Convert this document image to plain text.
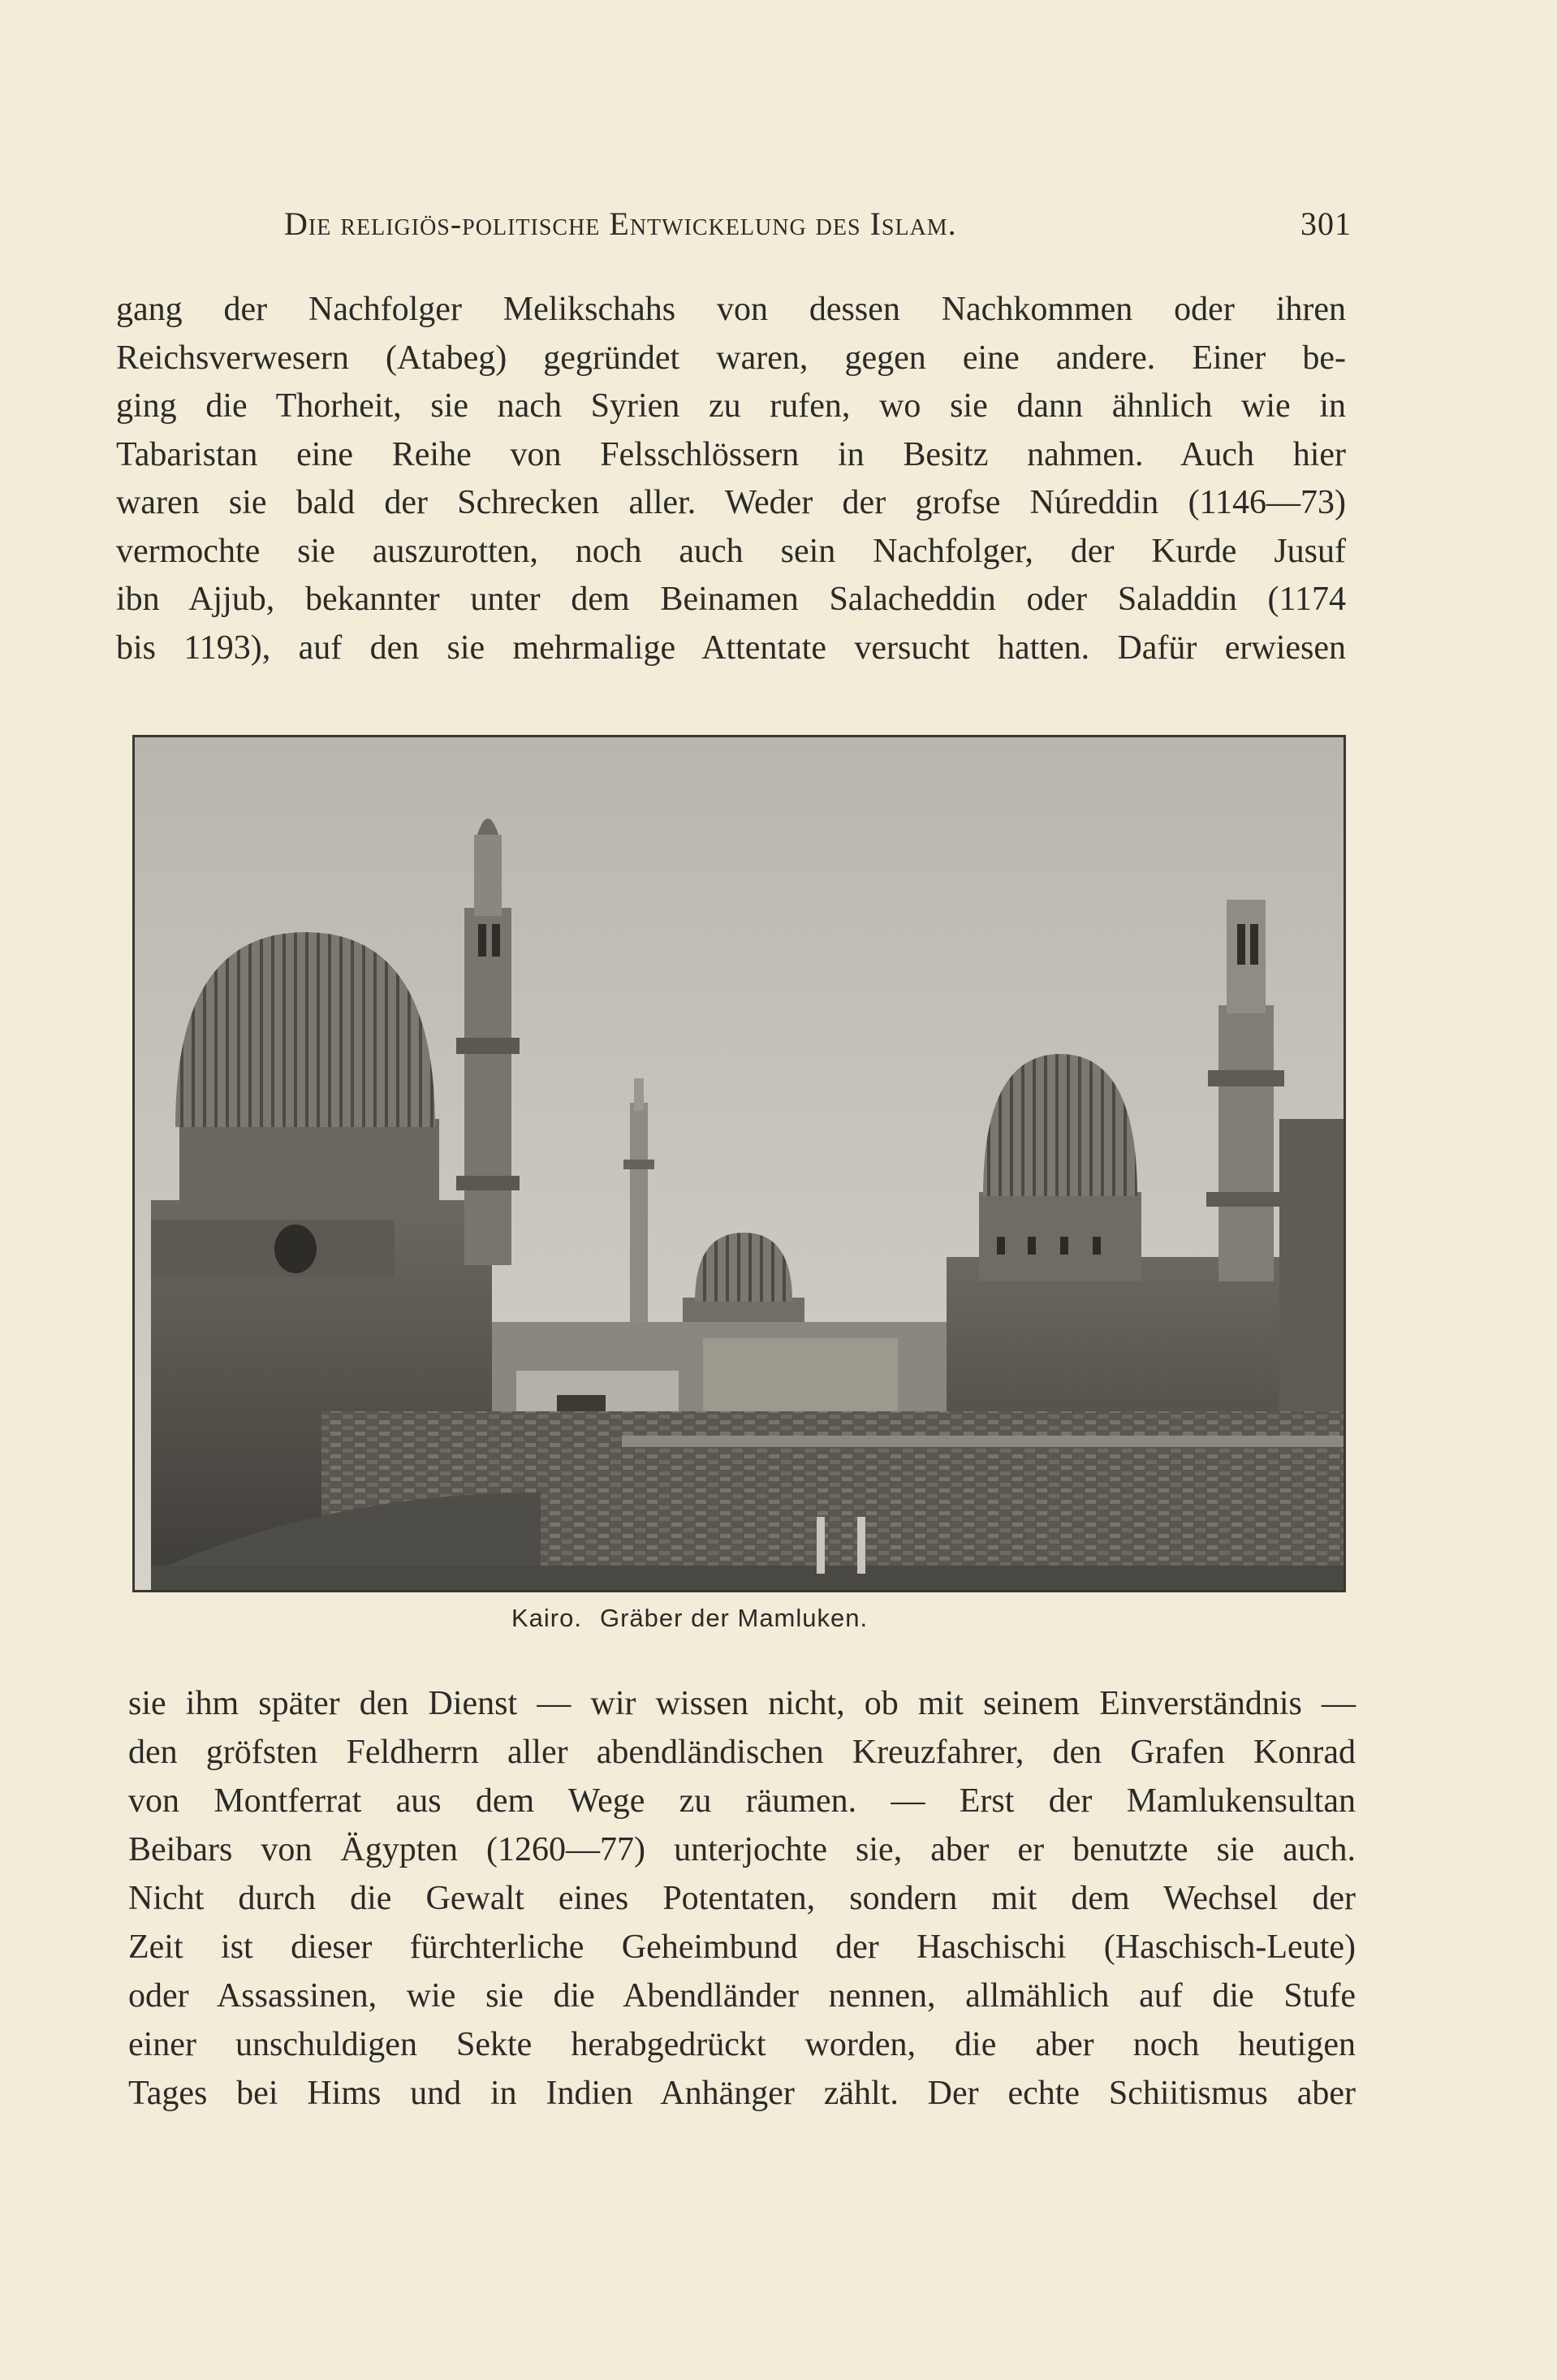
Die religiös-politische Entwickelung des Islam.	301
gang der Nachfolger Melikschahs von dessen Nachkommen oder ihren
Reichsverwesern (Atabeg) gegründet waren, gegen eine andere. Einer be-
ging die Thorheit, sie nach Syrien zu rufen, wo sie dann ähnlich wie in
Tabaristan eine Reihe von Felsschlössern in Besitz nahmen. Auch hier
waren sie bald der Schrecken aller. Weder der grofse Núreddin (1146—73)
vermochte sie auszurotten, noch auch sein Nachfolger, der Kurde Jusuf
ibn Ajjub, bekannter unter dem Beinamen Salacheddin oder Saladdin (1174
bis 1193), auf den sie mehrmalige Attentate versucht hatten. Dafür erwiesen
Kairo. Gräber der Mamluken.
sie ihm später den Dienst — wir wissen nicht, ob mit seinem Einverständnis —
den gröfsten Feldherrn aller abendländischen Kreuzfahrer, den Grafen Konrad
von Montferrat aus dem Wege zu räumen. — Erst der Mamlukensultan
Beibars von Ägypten (1260—77) unterjochte sie, aber er benutzte sie auch.
Nicht durch die Gewalt eines Potentaten, sondern mit dem Wechsel der
Zeit ist dieser fürchterliche Geheimbund der Haschischi (Haschisch-Leute)
oder Assassinen, wie sie die Abendländer nennen, allmählich auf die Stufe
einer unschuldigen Sekte herabgedrückt worden, die aber noch heutigen
Tages bei Hims und in Indien Anhänger zählt. Der echte Schiitismus aber
